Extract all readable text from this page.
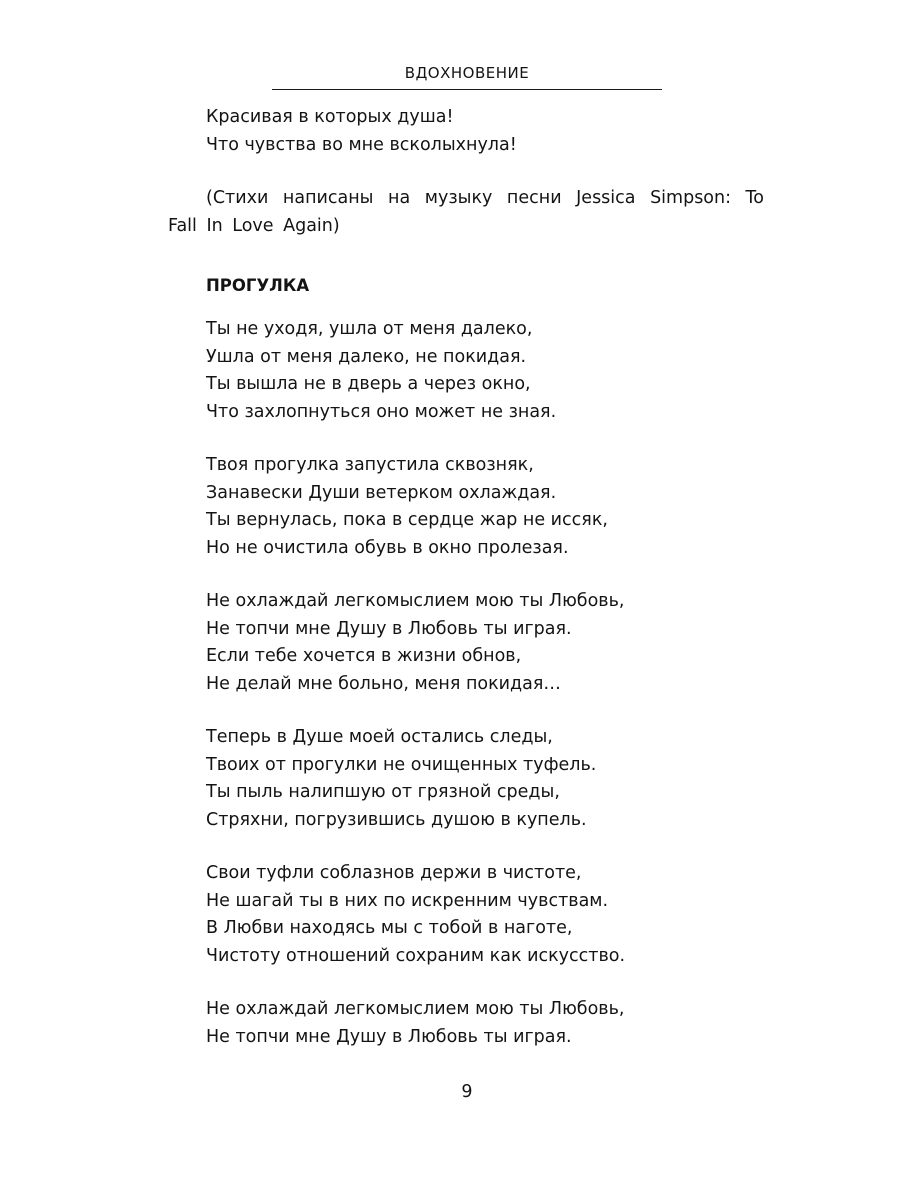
ВДОХНОВЕНИЕ
Красивая в которых душа!
Что чувства во мне всколыхнула!

(Стихи написаны на музыку песни Jessica Simpson: To Fall In Love Again)

ПРОГУЛКА

Ты не уходя, ушла от меня далеко,
Ушла от меня далеко, не покидая.
Ты вышла не в дверь а через окно,
Что захлопнуться оно может не зная.
Твоя прогулка запустила сквозняк,
Занавески Души ветерком охлаждая.
Ты вернулась, пока в сердце жар не иссяк,
Но не очистила обувь в окно пролезая.
Не охлаждай легкомыслием мою ты Любовь,
Не топчи мне Душу в Любовь ты играя.
Если тебе хочется в жизни обнов,
Не делай мне больно, меня покидая…
Теперь в Душе моей остались следы,
Твоих от прогулки не очищенных туфель.
Ты пыль налипшую от грязной среды,
Стряхни, погрузившись душою в купель.
Свои туфли соблазнов держи в чистоте,
Не шагай ты в них по искренним чувствам.
В Любви находясь мы с тобой в наготе,
Чистоту отношений сохраним как искусство.
Не охлаждай легкомыслием мою ты Любовь,
Не топчи мне Душу в Любовь ты играя.
9
